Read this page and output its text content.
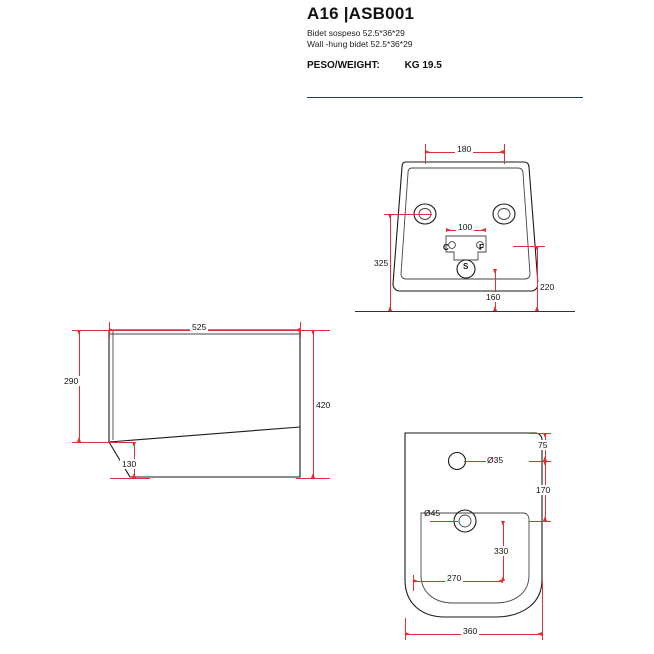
A16 |ASB001
Bidet sospeso 52.5*36*29
Wall -hung bidet 52.5*36*29
PESO/WEIGHT: KG 19.5
180
100
C	F
S
325
220
160
525
290
130
420
Ø35
Ø45
75
170
330
270
360
